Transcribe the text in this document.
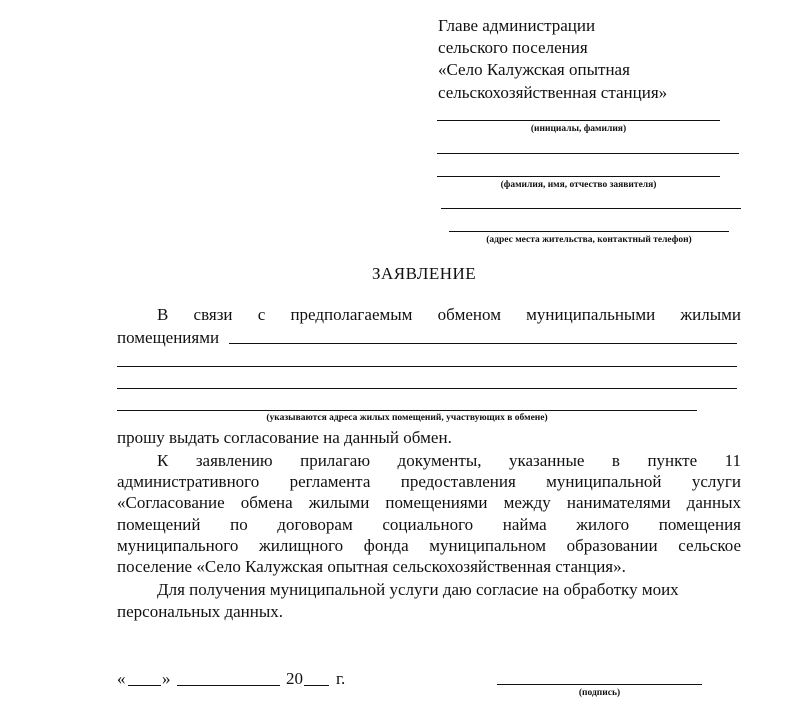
Главе администрации
сельского поселения
«Село Калужская опытная
сельскохозяйственная станция»
(инициалы, фамилия)
(фамилия, имя, отчество заявителя)
(адрес места жительства, контактный телефон)
ЗАЯВЛЕНИЕ
В связи с предполагаемым обменом муниципальными жилыми
помещениями
(указываются адреса жилых помещений, участвующих в обмене)
прошу выдать согласование на данный обмен.
К заявлению прилагаю документы, указанные в пункте 11
административного регламента предоставления муниципальной услуги
«Согласование обмена жилыми помещениями между нанимателями данных
помещений по договорам социального найма жилого помещения
муниципального жилищного фонда муниципальном образовании сельское
поселение «Село Калужская опытная сельскохозяйственная станция».
Для получения муниципальной услуги даю согласие на обработку моих
персональных данных.
« »	20 г.
(подпись)
